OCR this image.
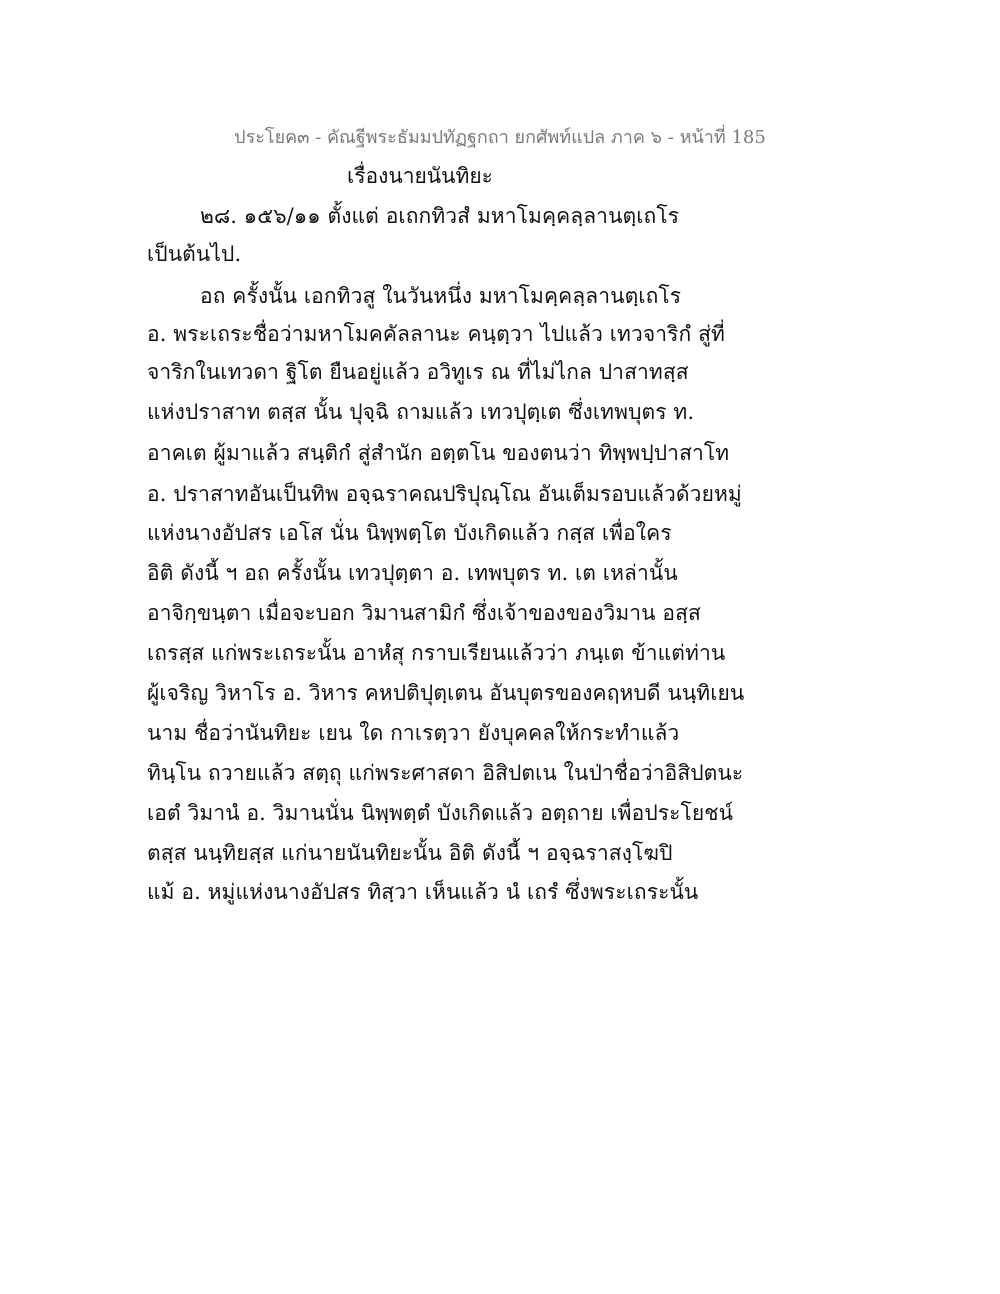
ประโยค๓ - คัณฐีพระธัมมปทัฏฐกถา ยกศัพท์แปล ภาค ๖ - หน้าที่ 185
เรื่องนายนันทิยะ
๒๘. ๑๕๖/๑๑ ตั้งแต่ อเถกทิวสํ มหาโมคฺคลฺลานตฺเถโร
เป็นต้นไป.
อถ ครั้งนั้น เอกทิวสู ในวันหนึ่ง มหาโมคฺคลฺลานตฺเถโร
อ. พระเถระชื่อว่ามหาโมคคัลลานะ คนฺตฺวา ไปแล้ว เทวจาริกํ สู่ที่
จาริกในเทวดา ฐิโต ยืนอยู่แล้ว อวิทูเร ณ ที่ไม่ไกล ปาสาทสฺส
แห่งปราสาท ตสฺส นั้น ปุจฺฉิ ถามแล้ว เทวปุตฺเต ซึ่งเทพบุตร ท.
อาคเต ผู้มาแล้ว สนฺติกํ สู่สำนัก อตฺตโน ของตนว่า ทิพฺพปฺปาสาโท
อ. ปราสาทอันเป็นทิพ อจฺฉราคณปริปุณฺโณ อันเต็มรอบแล้วด้วยหมู่
แห่งนางอัปสร เอโส นั่น นิพฺพตฺโต บังเกิดแล้ว กสฺส เพื่อใคร
อิติ ดังนี้ ฯ อถ ครั้งนั้น เทวปุตฺตา อ. เทพบุตร ท. เต เหล่านั้น
อาจิกฺขนฺตา เมื่อจะบอก วิมานสามิกํ ซึ่งเจ้าของของวิมาน อสฺส
เถรสฺส แก่พระเถระนั้น อาหํสุ กราบเรียนแล้วว่า ภนฺเต ข้าแต่ท่าน
ผู้เจริญ วิหาโร อ. วิหาร คหปติปุตฺเตน อันบุตรของคฤหบดี นนฺทิเยน
นาม ชื่อว่านันทิยะ เยน ใด กาเรตฺวา ยังบุคคลให้กระทำแล้ว
ทินฺโน ถวายแล้ว สตฺถุ แก่พระศาสดา อิสิปตเน ในป่าชื่อว่าอิสิปตนะ
เอตํ วิมานํ อ. วิมานนั่น นิพฺพตฺตํ บังเกิดแล้ว อตฺถาย เพื่อประโยชน์
ตสฺส นนฺทิยสฺส แก่นายนันทิยะนั้น อิติ ดังนี้ ฯ อจฺฉราสงฺโฆปิ
แม้ อ. หมู่แห่งนางอัปสร ทิสฺวา เห็นแล้ว นํ เถรํ ซึ่งพระเถระนั้น
